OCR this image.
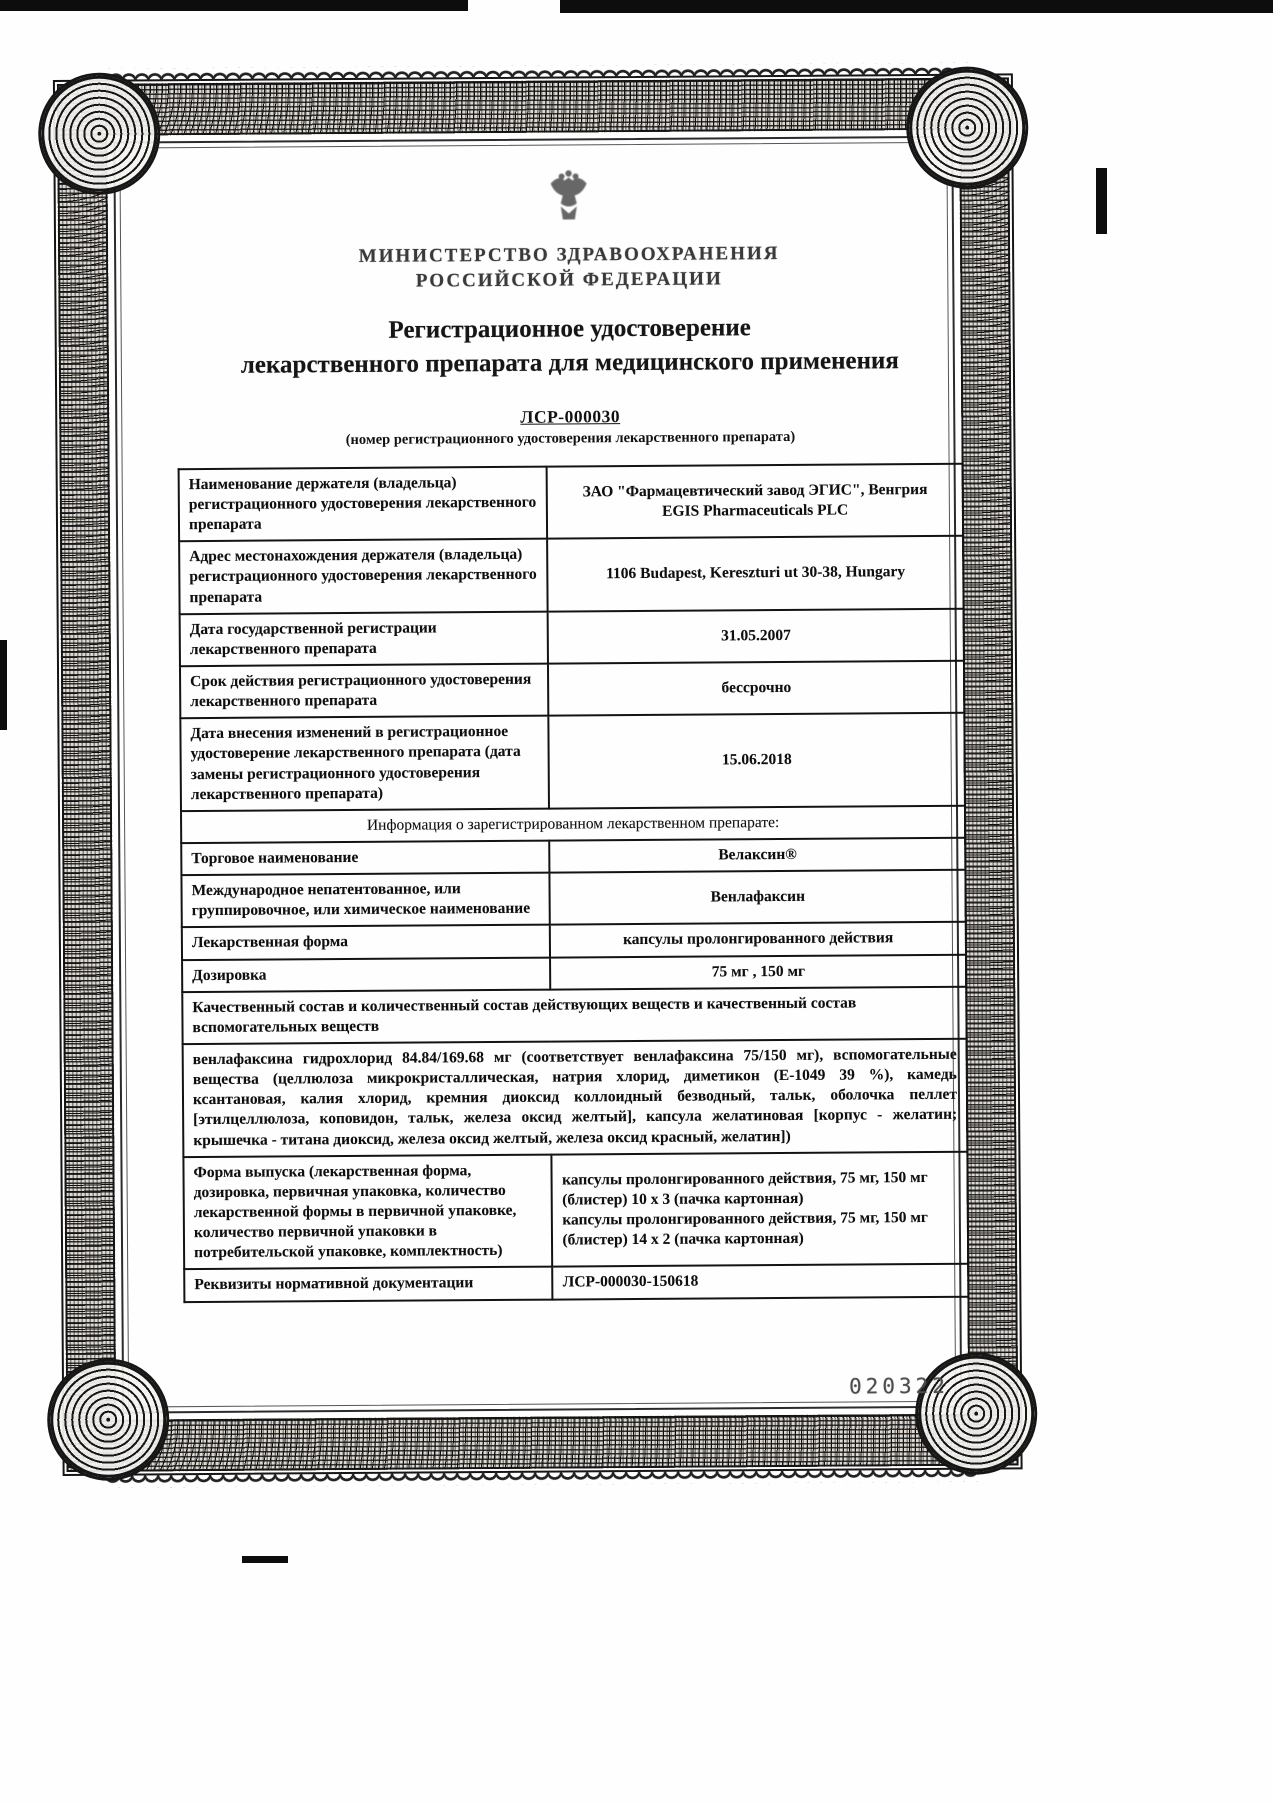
МИНИСТЕРСТВО ЗДРАВООХРАНЕНИЯ
РОССИЙСКОЙ ФЕДЕРАЦИИ
Регистрационное удостоверение
лекарственного препарата для медицинского применения
ЛСР-000030
(номер регистрационного удостоверения лекарственного препарата)
Наименование держателя (владельца) регистрационного удостоверения лекарственного препарата	ЗАО "Фармацевтический завод ЭГИС", Венгрия
EGIS Pharmaceuticals PLC
Адрес местонахождения держателя (владельца) регистрационного удостоверения лекарственного препарата	1106 Budapest, Kereszturi ut 30-38, Hungary
Дата государственной регистрации лекарственного препарата	31.05.2007
Срок действия регистрационного удостоверения лекарственного препарата	бессрочно
Дата внесения изменений в регистрационное удостоверение лекарственного препарата (дата замены регистрационного удостоверения лекарственного препарата)	15.06.2018
Информация о зарегистрированном лекарственном препарате:	
Торговое наименование	Велаксин®
Международное непатентованное, или группировочное, или химическое наименование	Венлафаксин
Лекарственная форма	капсулы пролонгированного действия
Дозировка	75 мг , 150 мг
Качественный состав и количественный состав действующих веществ и качественный состав вспомогательных веществ	
венлафаксина гидрохлорид 84.84/169.68 мг (соответствует венлафаксина 75/150 мг), вспомогательные вещества (целлюлоза микрокристаллическая, натрия хлорид, диметикон (Е-1049 39 %), камедь ксантановая, калия хлорид, кремния диоксид коллоидный безводный, тальк, оболочка пеллет [этилцеллюлоза, коповидон, тальк, железа оксид желтый], капсула желатиновая [корпус - желатин; крышечка - титана диоксид, железа оксид желтый, железа оксид красный, желатин])	
Форма выпуска (лекарственная форма, дозировка, первичная упаковка, количество лекарственной формы в первичной упаковке, количество первичной упаковки в потребительской упаковке, комплектность)	капсулы пролонгированного действия, 75 мг, 150 мг (блистер) 10 х 3 (пачка картонная)
капсулы пролонгированного действия, 75 мг, 150 мг (блистер) 14 х 2 (пачка картонная)
Реквизиты нормативной документации	ЛСР-000030-150618
020322
